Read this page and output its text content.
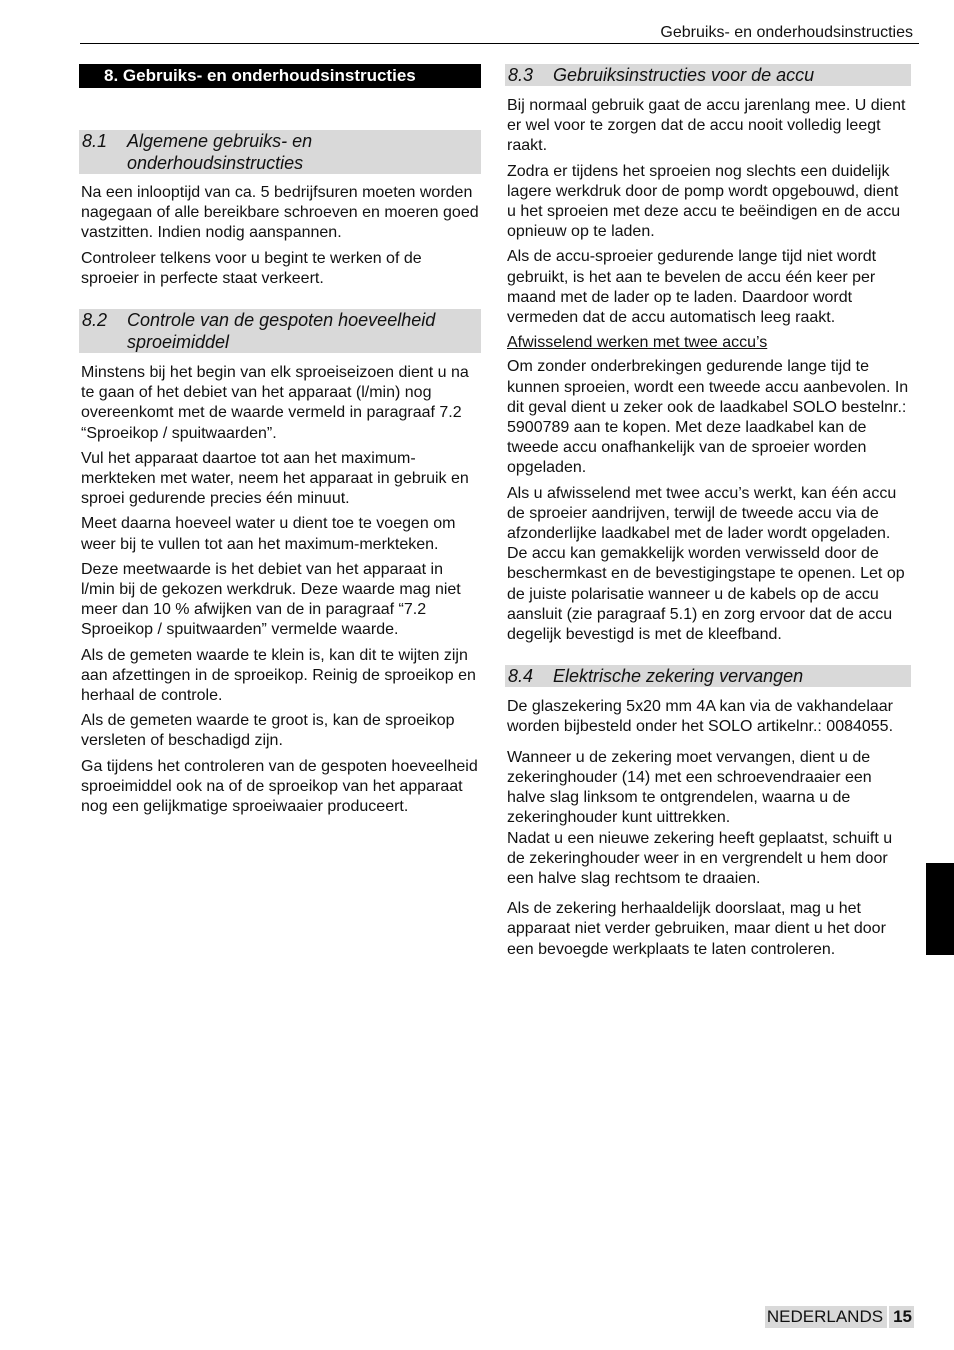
Gebruiks- en onderhoudsinstructies
8. Gebruiks- en onderhoudsinstructies
8.1	Algemene gebruiks- en onderhoudsinstructies

Na een inlooptijd van ca. 5 bedrijfsuren moeten worden nagegaan of alle bereikbare schroeven en moeren goed vastzitten. Indien nodig aanspannen.

Controleer telkens voor u begint te werken of de sproeier in perfecte staat verkeert.

8.2	Controle van de gespoten hoeveelheid sproeimiddel

Minstens bij het begin van elk sproeiseizoen dient u na te gaan of het debiet van het apparaat (l/min) nog overeenkomt met de waarde vermeld in paragraaf 7.2 “Sproeikop / spuitwaarden”.

Vul het apparaat daartoe tot aan het maximum-merkteken met water, neem het apparaat in gebruik en sproei gedurende precies één minuut.

Meet daarna hoeveel water u dient toe te voegen om weer bij te vullen tot aan het maximum-merkteken.

Deze meetwaarde is het debiet van het apparaat in l/min bij de gekozen werkdruk. Deze waarde mag niet meer dan 10 % afwijken van de in paragraaf “7.2 Sproeikop / spuitwaarden” vermelde waarde.

Als de gemeten waarde te klein is, kan dit te wijten zijn aan afzettingen in de sproeikop. Reinig de sproeikop en herhaal de controle.

Als de gemeten waarde te groot is, kan de sproeikop versleten of beschadigd zijn.

Ga tijdens het controleren van de gespoten hoeveelheid sproeimiddel ook na of de sproeikop van het apparaat nog een gelijkmatige sproeiwaaier produceert.

8.3	Gebruiksinstructies voor de accu

Bij normaal gebruik gaat de accu jarenlang mee. U dient er wel voor te zorgen dat de accu nooit volledig leegt raakt.

Zodra er tijdens het sproeien nog slechts een duidelijk lagere werkdruk door de pomp wordt opgebouwd, dient u het sproeien met deze accu te beëindigen en de accu opnieuw op te laden.

Als de accu-sproeier gedurende lange tijd niet wordt gebruikt, is het aan te bevelen de accu één keer per maand met de lader op te laden. Daardoor wordt vermeden dat de accu automatisch leeg raakt.

Afwisselend werken met twee accu’s

Om zonder onderbrekingen gedurende lange tijd te kunnen sproeien, wordt een tweede accu aanbevolen. In dit geval dient u zeker ook de laadkabel SOLO bestelnr.: 5900789 aan te kopen. Met deze laadkabel kan de tweede accu onafhankelijk van de sproeier worden opgeladen.

Als u afwisselend met twee accu’s werkt, kan één accu de sproeier aandrijven, terwijl de tweede accu via de afzonderlijke laadkabel met de lader wordt opgeladen. De accu kan gemakkelijk worden verwisseld door de beschermkast en de bevestigingstape te openen. Let op de juiste polarisatie wanneer u de kabels op de accu aansluit (zie paragraaf 5.1) en zorg ervoor dat de accu degelijk bevestigd is met de kleefband.

8.4	Elektrische zekering vervangen

De glaszekering 5x20 mm 4A kan via de vakhandelaar worden bijbesteld onder het SOLO artikelnr.: 0084055.

Wanneer u de zekering moet vervangen, dient u de zekeringhouder (14) met een schroevendraaier een halve slag linksom te ontgrendelen, waarna u de zekeringhouder kunt uittrekken.

Nadat u een nieuwe zekering heeft geplaatst, schuift u de zekeringhouder weer in en vergrendelt u hem door een halve slag rechtsom te draaien.

Als de zekering herhaaldelijk doorslaat, mag u het apparaat niet verder gebruiken, maar dient u het door een bevoegde werkplaats te laten controleren.

NEDERLANDS 15
